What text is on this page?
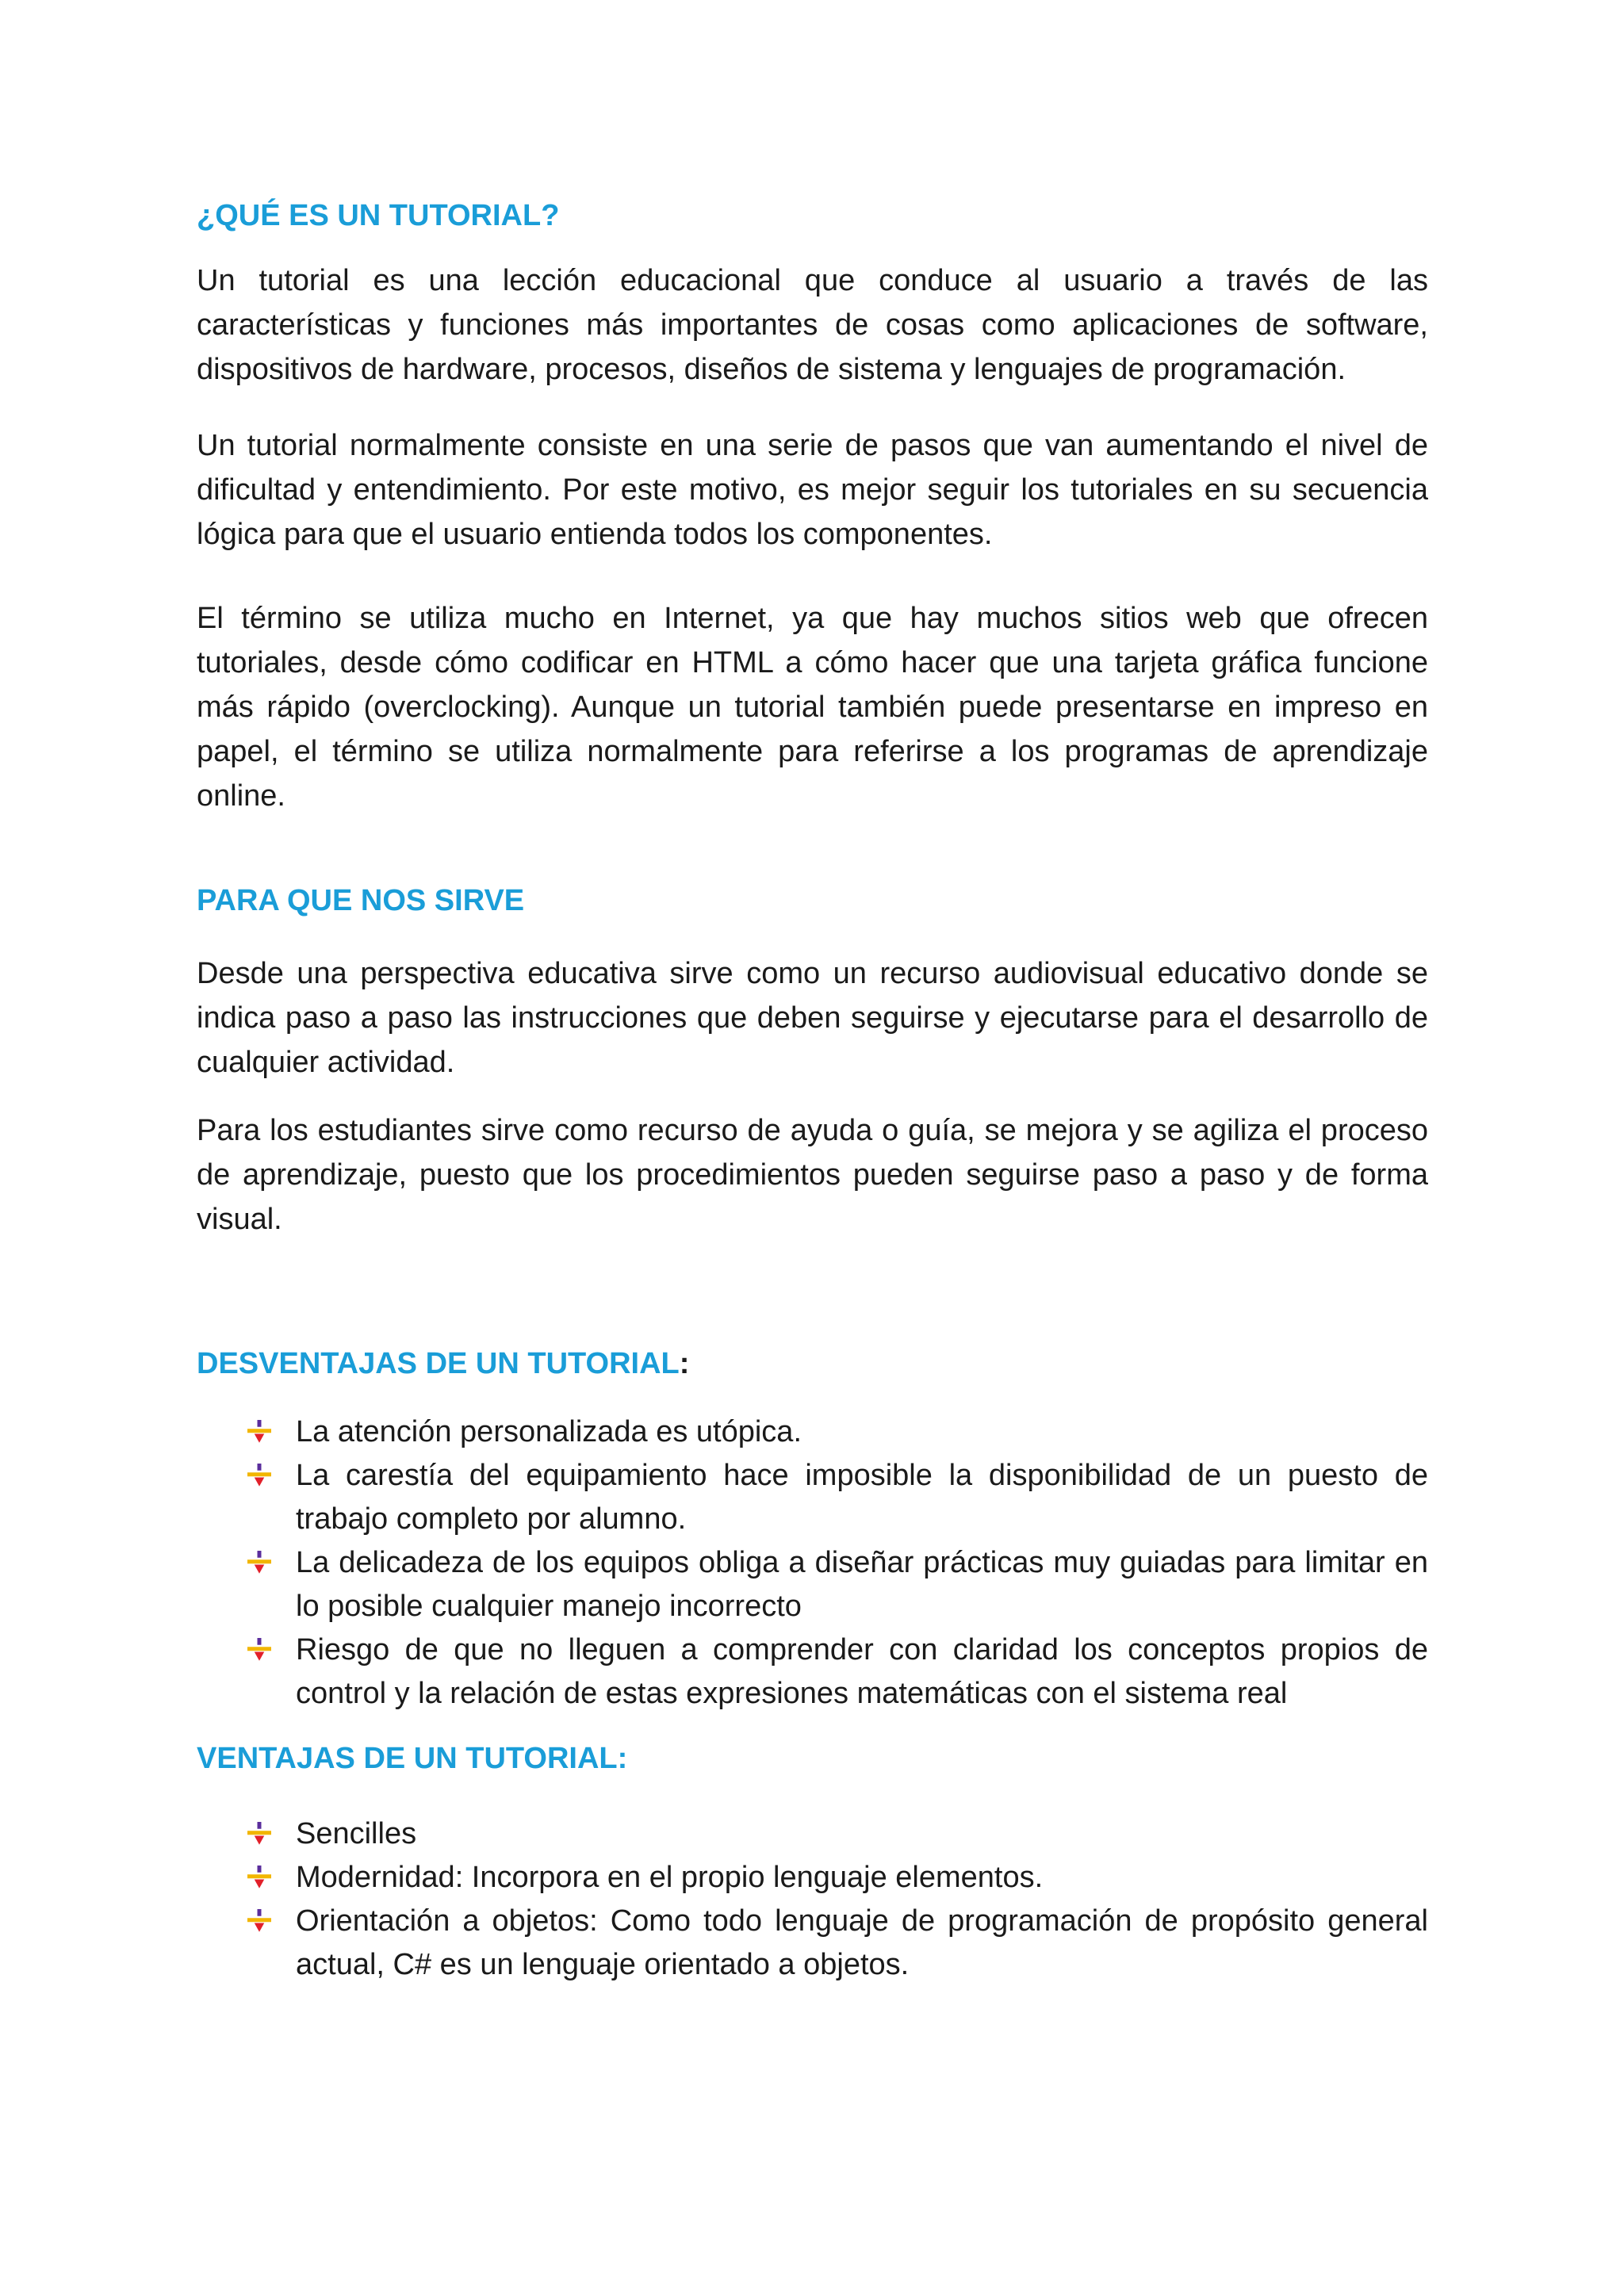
¿QUÉ ES UN TUTORIAL?

Un tutorial es una lección educacional que conduce al usuario a través de las características y funciones más importantes de cosas como aplicaciones de software, dispositivos de hardware, procesos, diseños de sistema y lenguajes de programación.

Un tutorial normalmente consiste en una serie de pasos que van aumentando el nivel de dificultad y entendimiento. Por este motivo, es mejor seguir los tutoriales en su secuencia lógica para que el usuario entienda todos los componentes.

El término se utiliza mucho en Internet, ya que hay muchos sitios web que ofrecen tutoriales, desde cómo codificar en HTML a cómo hacer que una tarjeta gráfica funcione más rápido (overclocking). Aunque un tutorial también puede presentarse en impreso en papel, el término se utiliza normalmente para referirse a los programas de aprendizaje online.

PARA QUE NOS SIRVE

Desde una perspectiva educativa sirve como un recurso audiovisual educativo donde se indica paso a paso las instrucciones que deben seguirse y ejecutarse para el desarrollo de cualquier actividad.

Para los estudiantes sirve como recurso de ayuda o guía, se mejora y se agiliza el proceso de aprendizaje, puesto que los procedimientos pueden seguirse paso a paso y de forma visual.

DESVENTAJAS DE UN TUTORIAL:
La atención personalizada es utópica.
La carestía del equipamiento hace imposible la disponibilidad de un puesto de trabajo completo por alumno.
La delicadeza de los equipos obliga a diseñar prácticas muy guiadas para limitar en lo posible cualquier manejo incorrecto
Riesgo de que no lleguen a comprender con claridad los conceptos propios de control y la relación de estas expresiones matemáticas con el sistema real
VENTAJAS DE UN TUTORIAL:
Sencilles
Modernidad: Incorpora en el propio lenguaje elementos.
Orientación a objetos: Como todo lenguaje de programación de propósito general actual, C# es un lenguaje orientado a objetos.
